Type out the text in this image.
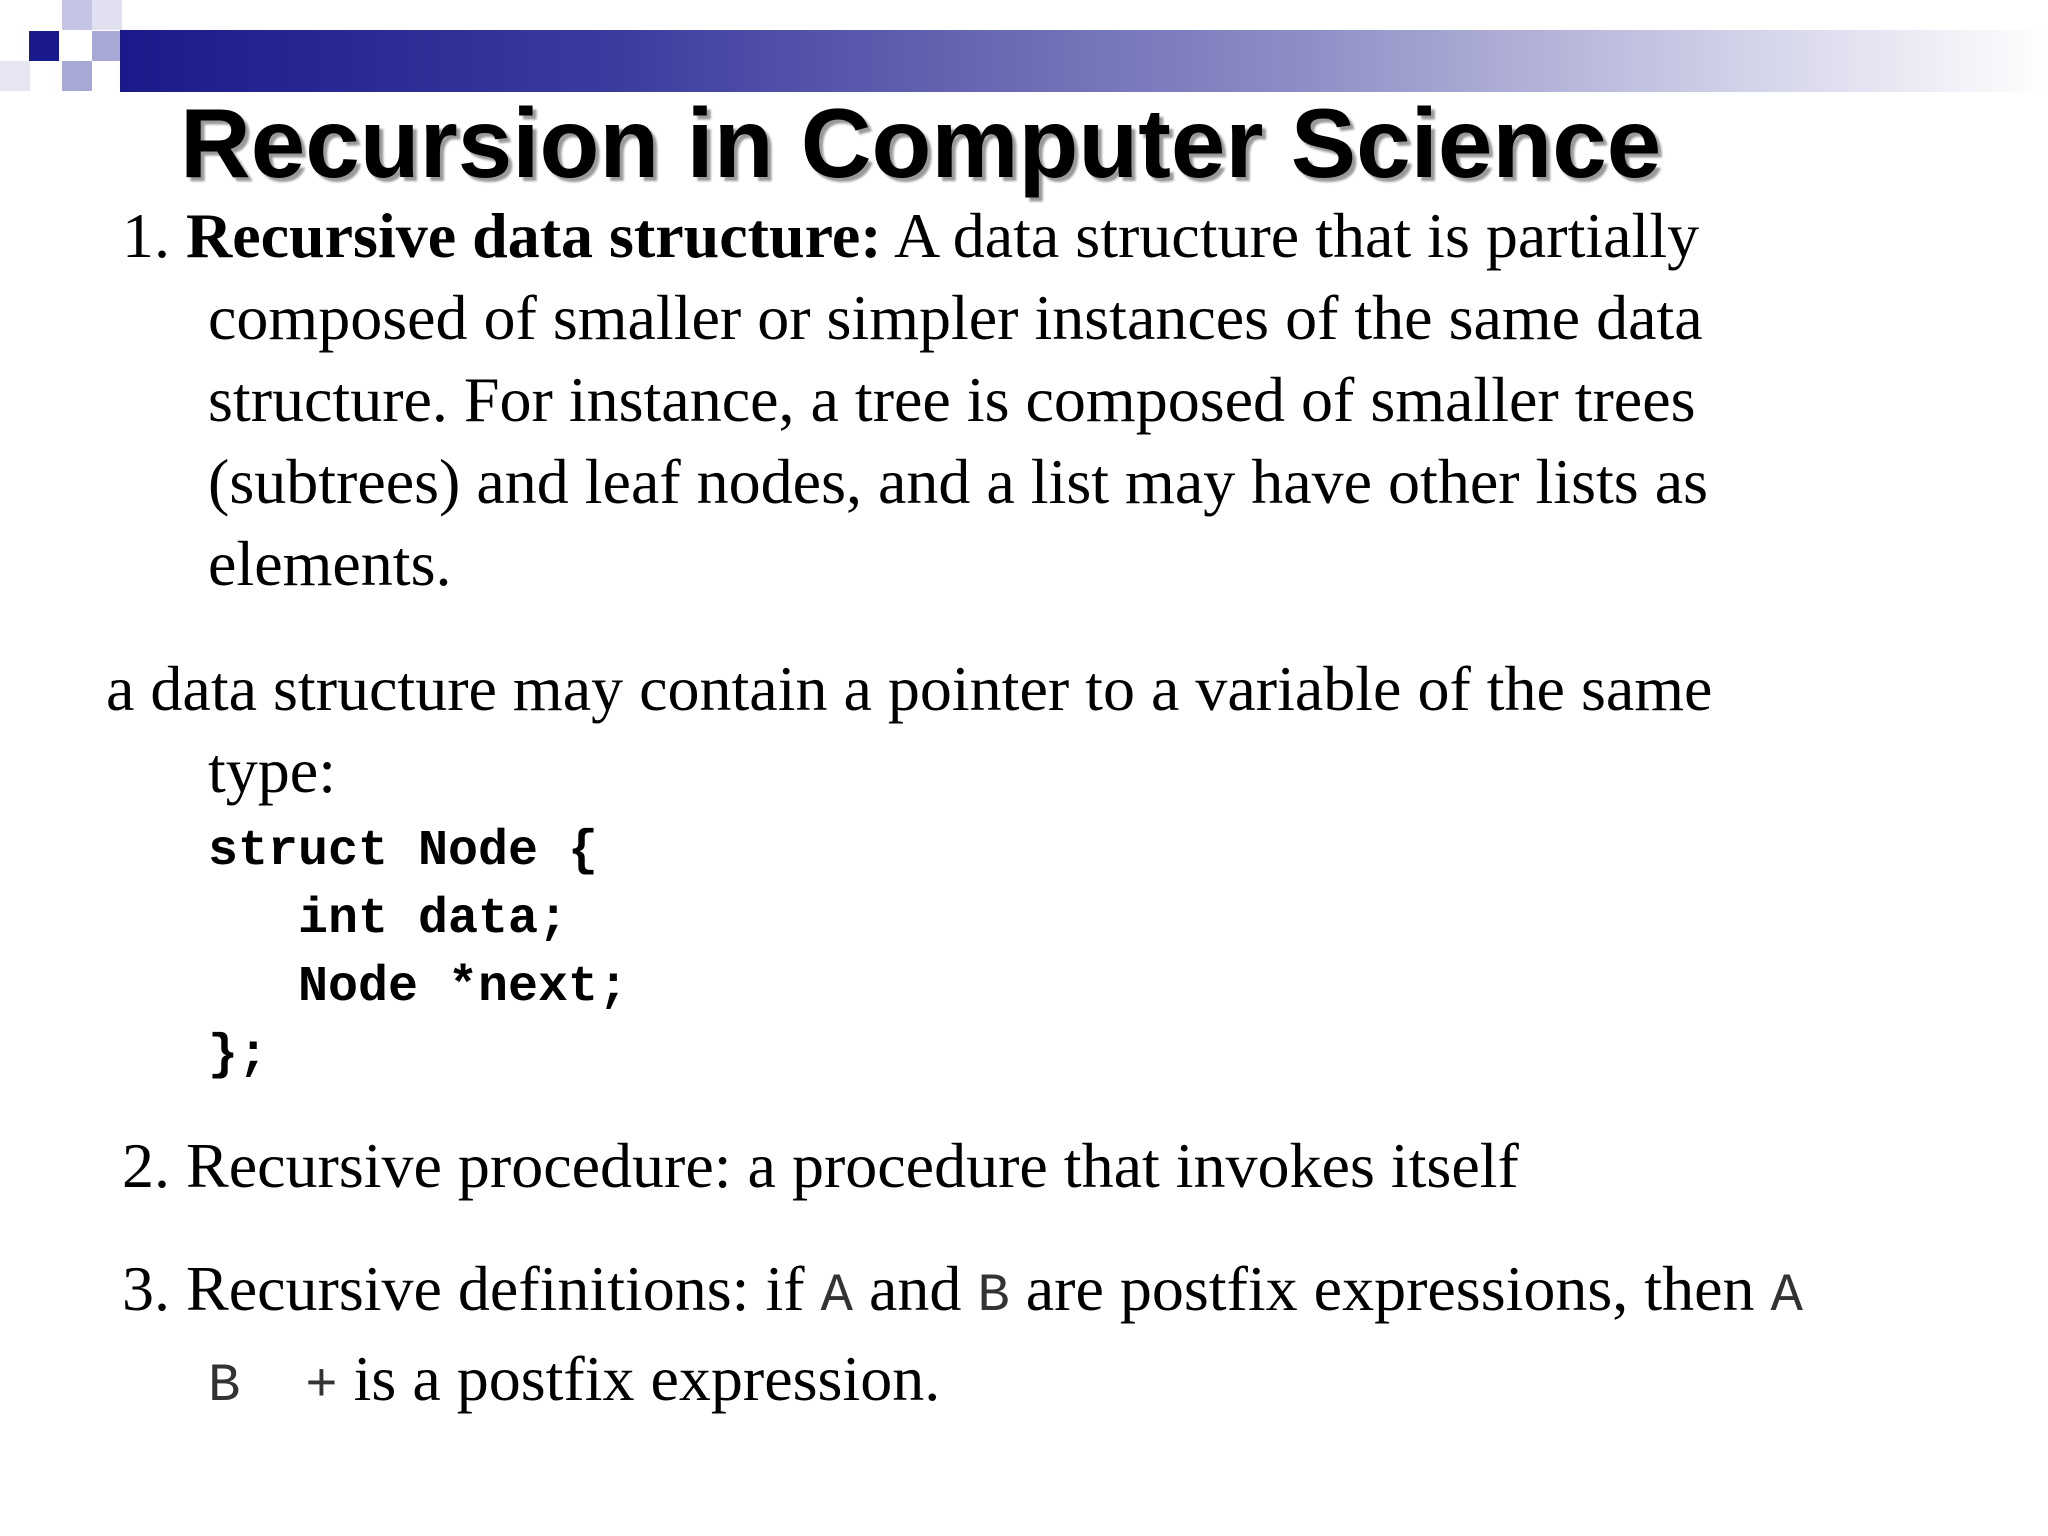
Recursion in Computer Science

1. Recursive data structure: A data structure that is partially
composed of smaller or simpler instances of the same data
structure. For instance, a tree is composed of smaller trees
(subtrees) and leaf nodes, and a list may have other lists as
elements.

a data structure may contain a pointer to a variable of the same
type:

struct Node {
int data;
Node *next;
};

2. Recursive procedure: a procedure that invokes itself

3. Recursive definitions: if A and B are postfix expressions, then A
B  + is a postfix expression.
